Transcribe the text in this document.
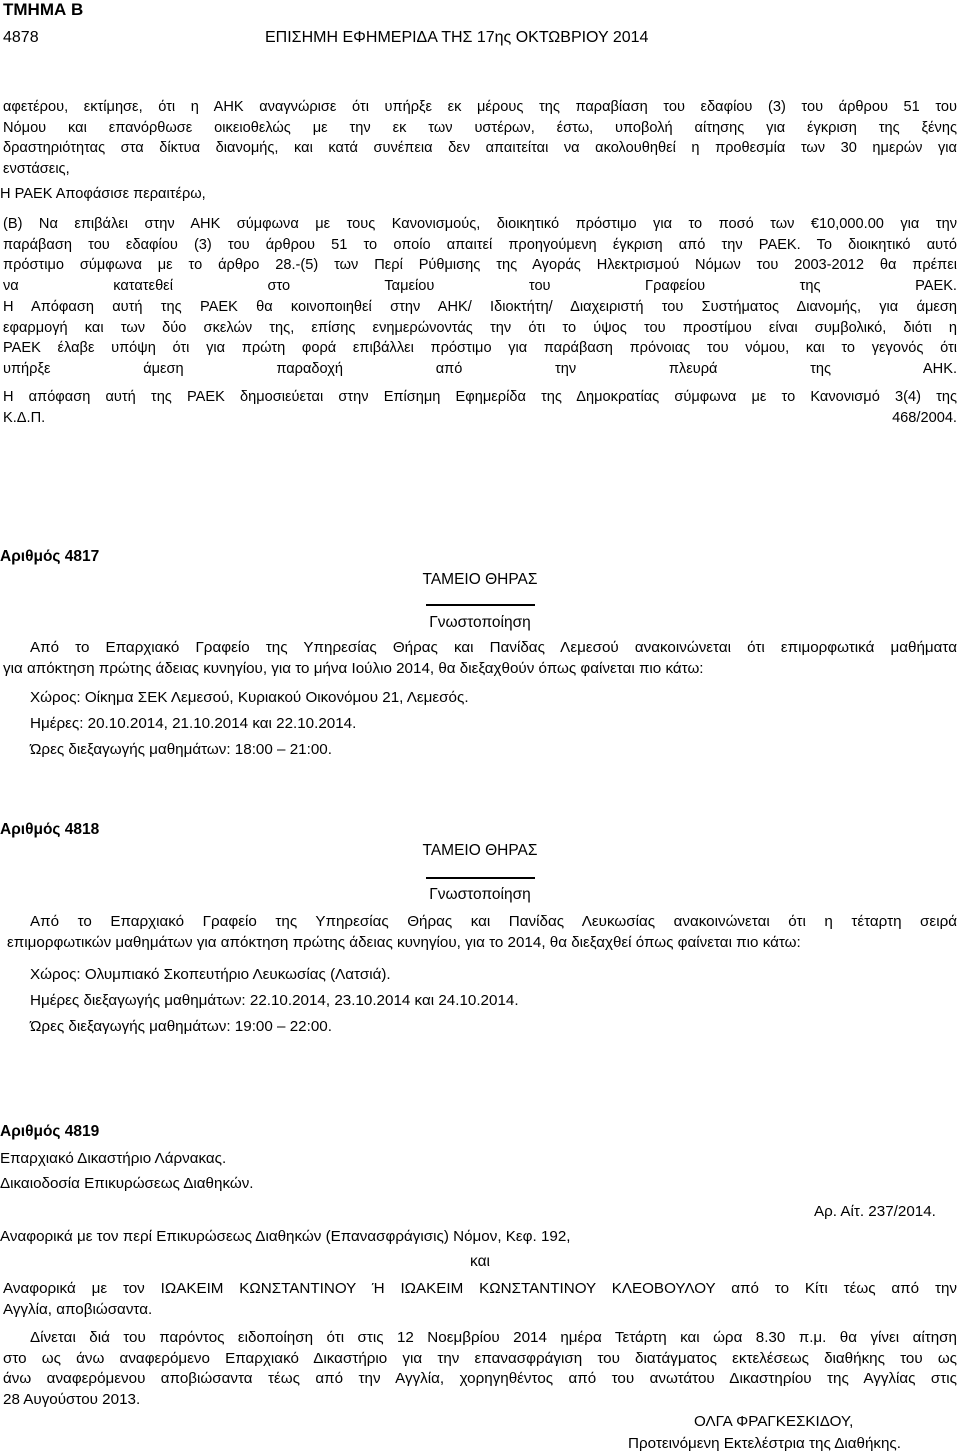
ΤΜΗΜΑ Β

4878	ΕΠΙΣΗΜΗ ΕΦΗΜΕΡΙΔΑ ΤΗΣ 17ης ΟΚΤΩΒΡΙΟΥ 2014

αφετέρου, εκτίμησε, ότι η ΑΗΚ αναγνώρισε ότι υπήρξε εκ μέρους της παραβίαση του εδαφίου (3) του άρθρου 51 του
Νόμου και επανόρθωσε οικειοθελώς με την εκ των υστέρων, έστω, υποβολή αίτησης για έγκριση της ξένης
δραστηριότητας στα δίκτυα διανομής, και κατά συνέπεια δεν απαιτείται να ακολουθηθεί η προθεσμία των 30 ημερών για
ενστάσεις,

Η ΡΑΕΚ Αποφάσισε περαιτέρω,

(Β) Να επιβάλει στην ΑΗΚ σύμφωνα με τους Κανονισμούς, διοικητικό πρόστιμο για το ποσό των €10,000.00 για την
παράβαση του εδαφίου (3) του άρθρου 51 το οποίο απαιτεί προηγούμενη έγκριση από την ΡΑΕΚ. Το διοικητικό αυτό
πρόστιμο σύμφωνα με το άρθρο 28.-(5) των Περί Ρύθμισης της Αγοράς Ηλεκτρισμού Νόμων του 2003-2012 θα πρέπει
να κατατεθεί στο Ταμείου του Γραφείου της ΡΑΕΚ.
Η Απόφαση αυτή της ΡΑΕΚ θα κοινοποιηθεί στην ΑΗΚ/ Ιδιοκτήτη/ Διαχειριστή του Συστήματος Διανομής, για άμεση
εφαρμογή και των δύο σκελών της, επίσης ενημερώνοντάς την ότι το ύψος του προστίμου είναι συμβολικό, διότι η
ΡΑΕΚ έλαβε υπόψη ότι για πρώτη φορά επιβάλλει πρόστιμο για παράβαση πρόνοιας του νόμου, και το γεγονός ότι
υπήρξε άμεση παραδοχή από την πλευρά της ΑΗΚ.
Η απόφαση αυτή της ΡΑΕΚ δημοσιεύεται στην Επίσημη Εφημερίδα της Δημοκρατίας σύμφωνα με το Κανονισμό 3(4) της
Κ.Δ.Π. 468/2004.

Αριθμός 4817

ΤΑΜΕΙΟ ΘΗΡΑΣ

Γνωστοποίηση

Από το Επαρχιακό Γραφείο της Υπηρεσίας Θήρας και Πανίδας Λεμεσού ανακοινώνεται ότι επιμορφωτικά μαθήματα
για απόκτηση πρώτης άδειας κυνηγίου, για το μήνα Ιούλιο 2014, θα διεξαχθούν όπως φαίνεται πιο κάτω:

Χώρος: Οίκημα ΣΕΚ Λεμεσού, Κυριακού Οικονόμου 21, Λεμεσός.

Ημέρες: 20.10.2014, 21.10.2014 και 22.10.2014.

Ώρες διεξαγωγής μαθημάτων: 18:00 – 21:00.

Αριθμός 4818

ΤΑΜΕΙΟ ΘΗΡΑΣ

Γνωστοποίηση

Από το Επαρχιακό Γραφείο της Υπηρεσίας Θήρας και Πανίδας Λευκωσίας ανακοινώνεται ότι η τέταρτη σειρά
επιμορφωτικών μαθημάτων για απόκτηση πρώτης άδειας κυνηγίου, για το 2014, θα διεξαχθεί όπως φαίνεται πιο κάτω:

Χώρος: Ολυμπιακό Σκοπευτήριο Λευκωσίας (Λατσιά).

Ημέρες διεξαγωγής μαθημάτων: 22.10.2014, 23.10.2014 και 24.10.2014.

Ώρες διεξαγωγής μαθημάτων: 19:00 – 22:00.

Αριθμός 4819

Επαρχιακό Δικαστήριο Λάρνακας.

Δικαιοδοσία Επικυρώσεως Διαθηκών.

Αρ. Αίτ. 237/2014.

Αναφορικά με τον περί Επικυρώσεως Διαθηκών (Επανασφράγισις) Νόμον, Κεφ. 192,

και

Αναφορικά με τον ΙΩΑΚΕΙΜ ΚΩΝΣΤΑΝΤΙΝΟΥ Ή ΙΩΑΚΕΙΜ ΚΩΝΣΤΑΝΤΙΝΟΥ ΚΛΕΟΒΟΥΛΟΥ από το Κίτι τέως από την
Αγγλία, αποβιώσαντα.
Δίνεται διά του παρόντος ειδοποίηση ότι στις 12 Νοεμβρίου 2014 ημέρα Τετάρτη και ώρα 8.30 π.μ. θα γίνει αίτηση
στο ως άνω αναφερόμενο Επαρχιακό Δικαστήριο για την επανασφράγιση του διατάγματος εκτελέσεως διαθήκης του ως
άνω αναφερόμενου αποβιώσαντα τέως από την Αγγλία, χορηγηθέντος από του ανωτάτου Δικαστηρίου της Αγγλίας στις
28 Αυγούστου 2013.

ΟΛΓΑ ΦΡΑΓΚΕΣΚΙΔΟΥ,

Προτεινόμενη Εκτελέστρια της Διαθήκης.
